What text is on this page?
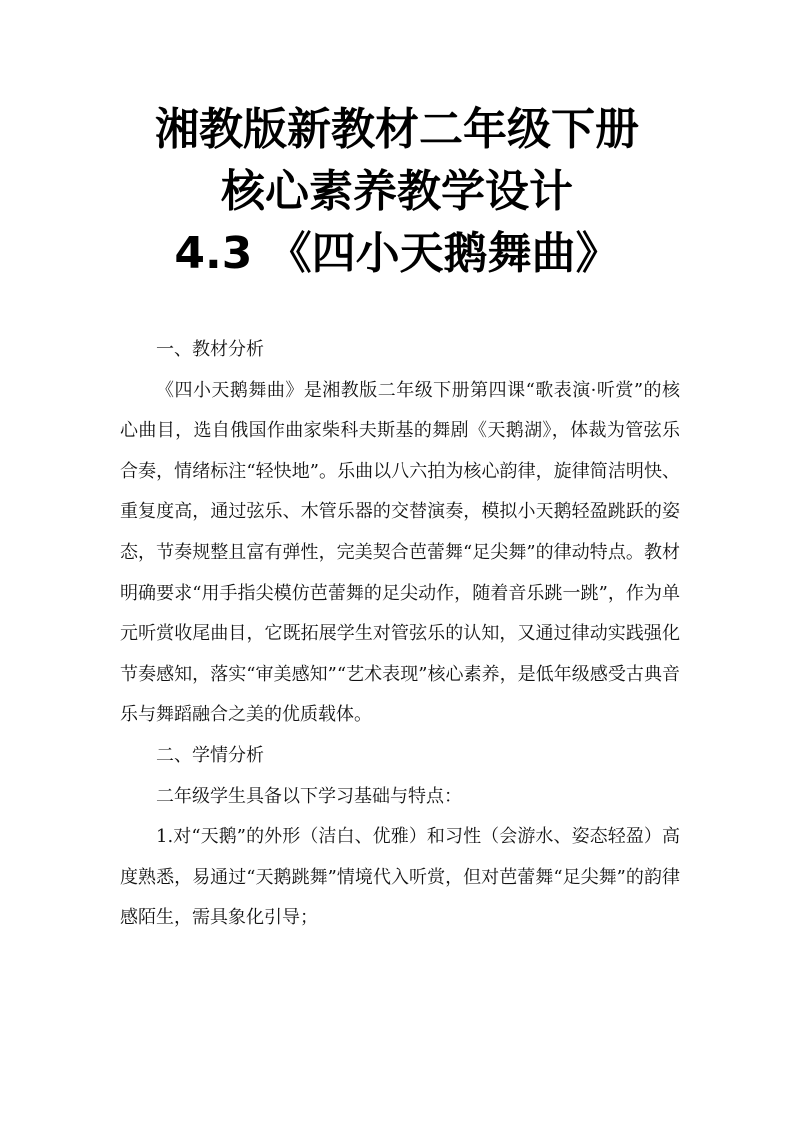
湘教版新教材二年级下册
核心素养教学设计
4.3 《四小天鹅舞曲》

一、教材分析

《四小天鹅舞曲》是湘教版二年级下册第四课“歌表演·听赏”的核心曲目，选自俄国作曲家柴科夫斯基的舞剧《天鹅湖》，体裁为管弦乐合奏，情绪标注“轻快地”。乐曲以八六拍为核心韵律，旋律简洁明快、重复度高，通过弦乐、木管乐器的交替演奏，模拟小天鹅轻盈跳跃的姿态，节奏规整且富有弹性，完美契合芭蕾舞“足尖舞”的律动特点。教材明确要求“用手指尖模仿芭蕾舞的足尖动作，随着音乐跳一跳”，作为单元听赏收尾曲目，它既拓展学生对管弦乐的认知，又通过律动实践强化节奏感知，落实“审美感知”“艺术表现”核心素养，是低年级感受古典音乐与舞蹈融合之美的优质载体。

二、学情分析

二年级学生具备以下学习基础与特点：

1.对“天鹅”的外形（洁白、优雅）和习性（会游水、姿态轻盈）高度熟悉，易通过“天鹅跳舞”情境代入听赏，但对芭蕾舞“足尖舞”的韵律感陌生，需具象化引导；
